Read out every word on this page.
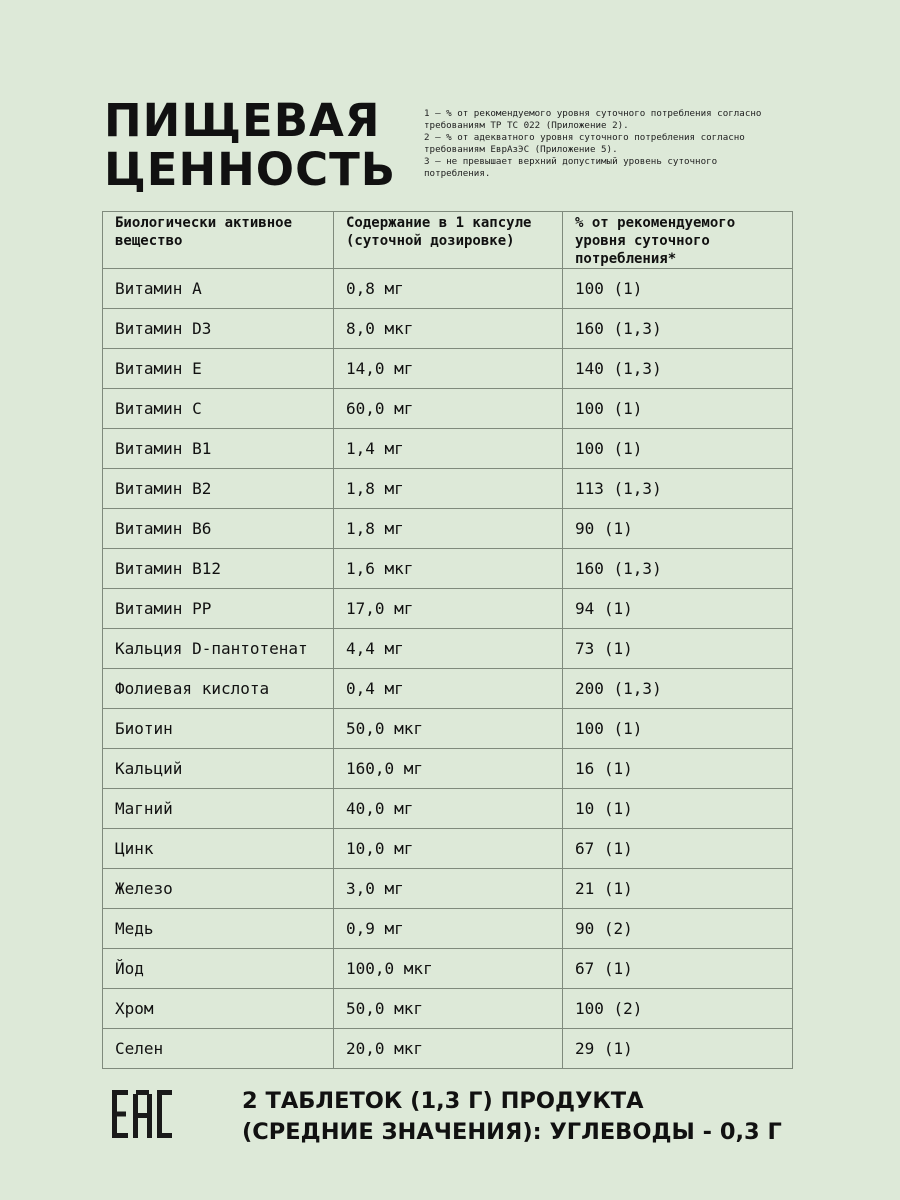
ПИЩЕВАЯ
ЦЕННОСТЬ
1 – % от рекомендуемого уровня суточного потребления согласно требованиям ТР ТС 022 (Приложение 2).
2 – % от адекватного уровня суточного потребления согласно требованиям ЕврАзЭС (Приложение 5).
3 – не превышает верхний допустимый уровень суточного потребления.
Биологически активное вещество	Содержание в 1 капсуле (суточной дозировке)	% от рекомендуемого уровня суточного потребления*
Витамин А	0,8 мг	100 (1)
Витамин D3	8,0 мкг	160 (1,3)
Витамин Е	14,0 мг	140 (1,3)
Витамин С	60,0 мг	100 (1)
Витамин В1	1,4 мг	100 (1)
Витамин В2	1,8 мг	113 (1,3)
Витамин В6	1,8 мг	90 (1)
Витамин В12	1,6 мкг	160 (1,3)
Витамин РР	17,0 мг	94 (1)
Кальция D-пантотенат	4,4 мг	73 (1)
Фолиевая кислота	0,4 мг	200 (1,3)
Биотин	50,0 мкг	100 (1)
Кальций	160,0 мг	16 (1)
Магний	40,0 мг	10 (1)
Цинк	10,0 мг	67 (1)
Железо	3,0 мг	21 (1)
Медь	0,9 мг	90 (2)
Йод	100,0 мкг	67 (1)
Хром	50,0 мкг	100 (2)
Селен	20,0 мкг	29 (1)
2 ТАБЛЕТОК (1,3 Г) ПРОДУКТА
(СРЕДНИЕ ЗНАЧЕНИЯ): УГЛЕВОДЫ - 0,3 Г
